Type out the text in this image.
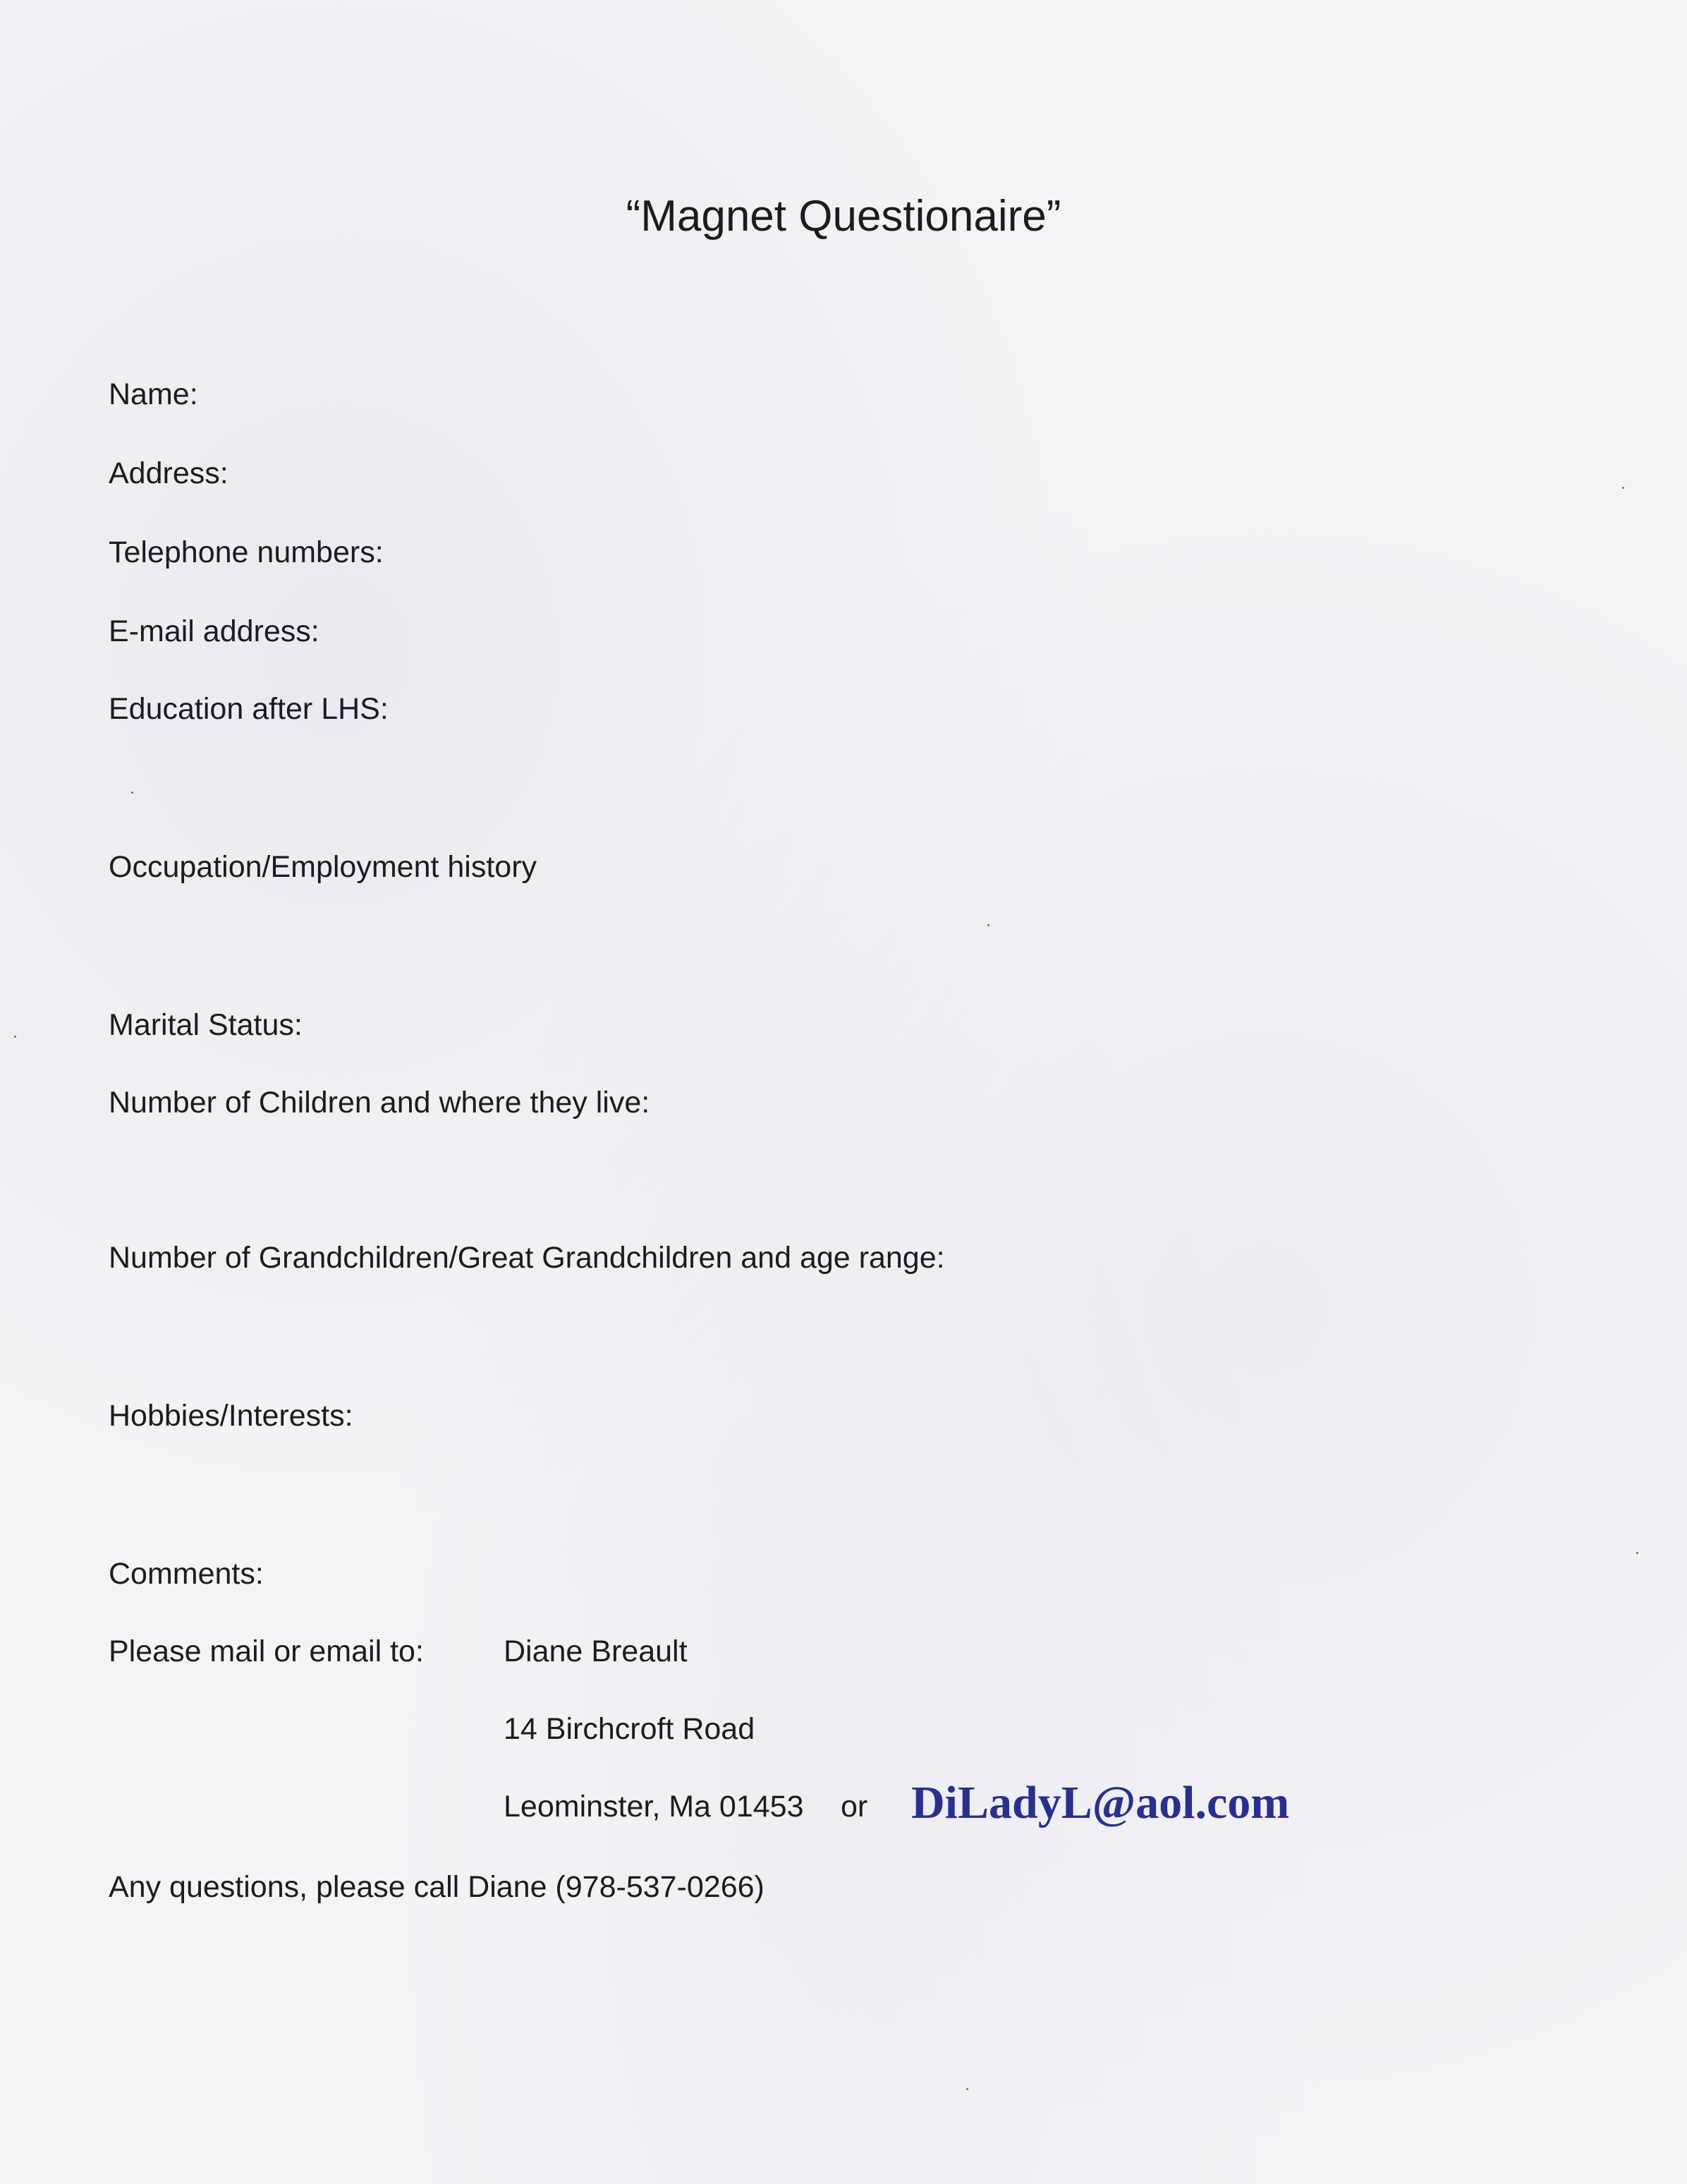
“Magnet Questionaire”
Name:
Address:
Telephone numbers:
E-mail address:
Education after LHS:
Occupation/Employment history
Marital Status:
Number of Children and where they live:
Number of Grandchildren/Great Grandchildren and age range:
Hobbies/Interests:
Comments:
Please mail or email to:	Diane Breault
14 Birchcroft Road
Leominster, Ma 01453 or DiLadyL@aol.com
Any questions, please call Diane (978-537-0266)
